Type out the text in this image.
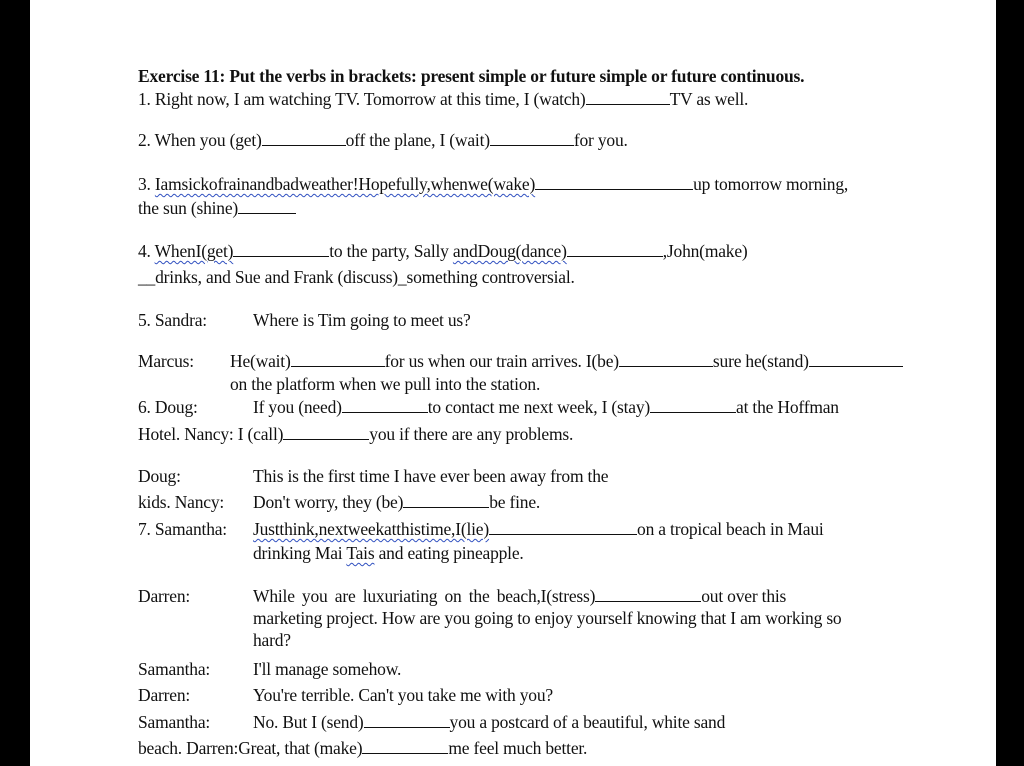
Exercise 11: Put the verbs in brackets: present simple or future simple or future continuous.
1. Right now, I am watching TV. Tomorrow at this time, I (watch)	TV as well.
2. When you (get)	off the plane, I (wait)	for you.
3. Iamsickofrainandbadweather!Hopefully,whenwe(wake)	up tomorrow morning,
the sun (shine)
4. WhenI(get)	to the party, Sally andDoug(dance)	,John(make)
__drinks, and Sue and Frank (discuss)_something controversial.
5. Sandra:	Where is Tim going to meet us?
Marcus: He(wait)	for us when our train arrives. I(be)	sure he(stand)
on the platform when we pull into the station.
6. Doug:	If you (need)	to contact me next week, I (stay)	at the Hoffman
Hotel. Nancy: I (call)	you if there are any problems.
Doug:	This is the first time I have ever been away from the
kids. Nancy: Don't worry, they (be)	be fine.
7. Samantha: Justthink,nextweekatthistime,I(lie)	on a tropical beach in Maui
drinking Mai Tais and eating pineapple.
Darren:	While you are luxuriating on the beach,I(stress)	out over this
marketing project. How are you going to enjoy yourself knowing that I am working so
hard?
Samantha: I'll manage somehow.
Darren:	You're terrible. Can't you take me with you?
Samantha: No. But I (send)	you a postcard of a beautiful, white sand
beach. Darren:Great, that (make)	me feel much better.
